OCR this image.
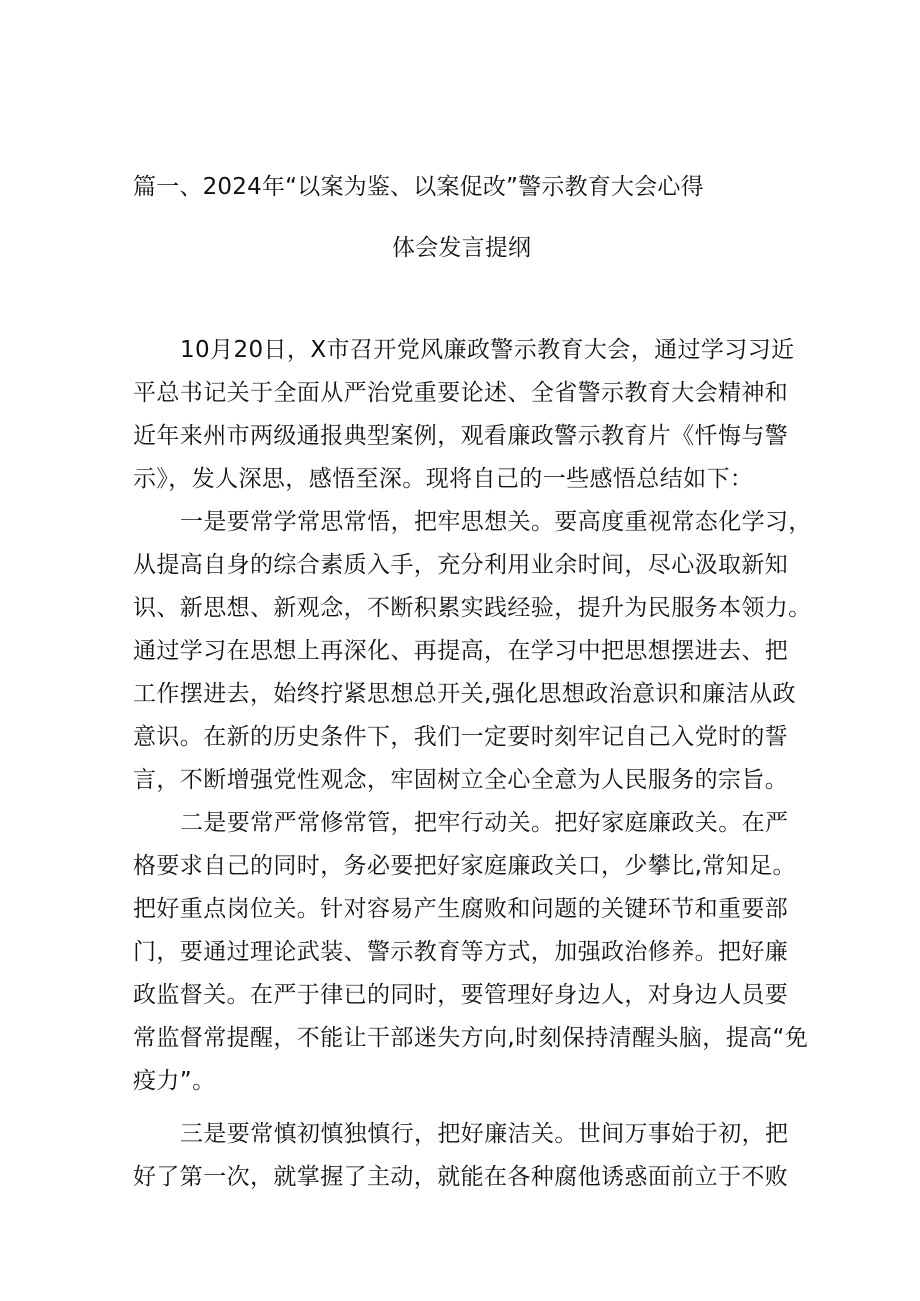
篇一、2024年“以案为鉴、以案促改”警示教育大会心得
体会发言提纲
10月20日，X市召开党风廉政警示教育大会，通过学习习近
平总书记关于全面从严治党重要论述、全省警示教育大会精神和
近年来州市两级通报典型案例，观看廉政警示教育片《忏悔与警
示》，发人深思，感悟至深。现将自己的一些感悟总结如下：
一是要常学常思常悟，把牢思想关。要高度重视常态化学习，
从提高自身的综合素质入手，充分利用业余时间，尽心汲取新知
识、新思想、新观念，不断积累实践经验，提升为民服务本领力。
通过学习在思想上再深化、再提高，在学习中把思想摆进去、把
工作摆进去，始终拧紧思想总开关,强化思想政治意识和廉洁从政
意识。在新的历史条件下，我们一定要时刻牢记自己入党时的誓
言，不断增强党性观念，牢固树立全心全意为人民服务的宗旨。
二是要常严常修常管，把牢行动关。把好家庭廉政关。在严
格要求自己的同时，务必要把好家庭廉政关口，少攀比,常知足。
把好重点岗位关。针对容易产生腐败和问题的关键环节和重要部
门，要通过理论武装、警示教育等方式，加强政治修养。把好廉
政监督关。在严于律已的同时，要管理好身边人，对身边人员要
常监督常提醒，不能让干部迷失方向,时刻保持清醒头脑，提高“免
疫力”。
三是要常慎初慎独慎行，把好廉洁关。世间万事始于初，把
好了第一次，就掌握了主动，就能在各种腐他诱惑面前立于不败
